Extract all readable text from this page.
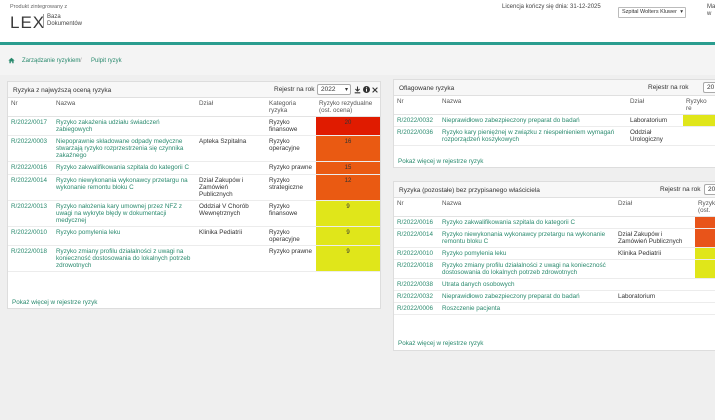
Produkt zintegrowany z
LEX Baza
Dokumentów
Licencja kończy się dnia: 31-12-2025
Szpital Wolters Kluwer ▾
Ma
w
Zarządzanie ryzykiem / Pulpit ryzyk
Ryzyka z najwyższą oceną ryzyka	Rejestr na rok	2022 ▾
Nr	Nazwa	Dział	Kategoria ryzyka	Ryzyko rezydualne (ost. ocena)
R/2022/0017	Ryzyko zakażenia udziału świadczeń zabiegowych		Ryzyko finansowe	20
R/2022/0003	Niepoprawnie składowane odpady medyczne stwarzają ryzyko rozprzestrzenia się czynnika zakaźnego	Apteka Szpitalna	Ryzyko operacyjne	16
R/2022/0016	Ryzyko zakwalifikowania szpitala do kategorii C		Ryzyko prawne	15
R/2022/0014	Ryzyko niewykonania wykonawcy przetargu na wykonanie remontu bloku C	Dział Zakupów i Zamówień Publicznych	Ryzyko strategiczne	12
R/2022/0013	Ryzyko nałożenia kary umownej przez NFZ z uwagi na wykryte błędy w dokumentacji medycznej	Oddział V Chorób Wewnętrznych	Ryzyko finansowe	9
R/2022/0010	Ryzyko pomylenia leku	Klinika Pediatrii	Ryzyko operacyjne	9
R/2022/0018	Ryzyko zmiany profilu działalności z uwagi na konieczność dostosowania do lokalnych potrzeb zdrowotnych		Ryzyko prawne	9
Pokaż więcej w rejestrze ryzyk
Oflagowane ryzyka	Rejestr na rok	20
Nr	Nazwa	Dział	Ryzyko re
R/2022/0032	Nieprawidłowo zabezpieczony preparat do badań	Laboratorium	
R/2022/0036	Ryzyko kary pieniężnej w związku z niespełnieniem wymagań rozporządzeń koszykowych	Oddział Urologiczny	
Pokaż więcej w rejestrze ryzyk
Ryzyka (pozostałe) bez przypisanego właściciela	Rejestr na rok	20
Nr	Nazwa	Dział	Ryzyk (ost.
R/2022/0016	Ryzyko zakwalifikowania szpitala do kategorii C		
R/2022/0014	Ryzyko niewykonania wykonawcy przetargu na wykonanie remontu bloku C	Dział Zakupów i Zamówień Publicznych	
R/2022/0010	Ryzyko pomylenia leku	Klinika Pediatrii	
R/2022/0018	Ryzyko zmiany profilu działalności z uwagi na konieczność dostosowania do lokalnych potrzeb zdrowotnych		
R/2022/0038	Utrata danych osobowych		
R/2022/0032	Nieprawidłowo zabezpieczony preparat do badań	Laboratorium	
R/2022/0006	Roszczenie pacjenta		
Pokaż więcej w rejestrze ryzyk
